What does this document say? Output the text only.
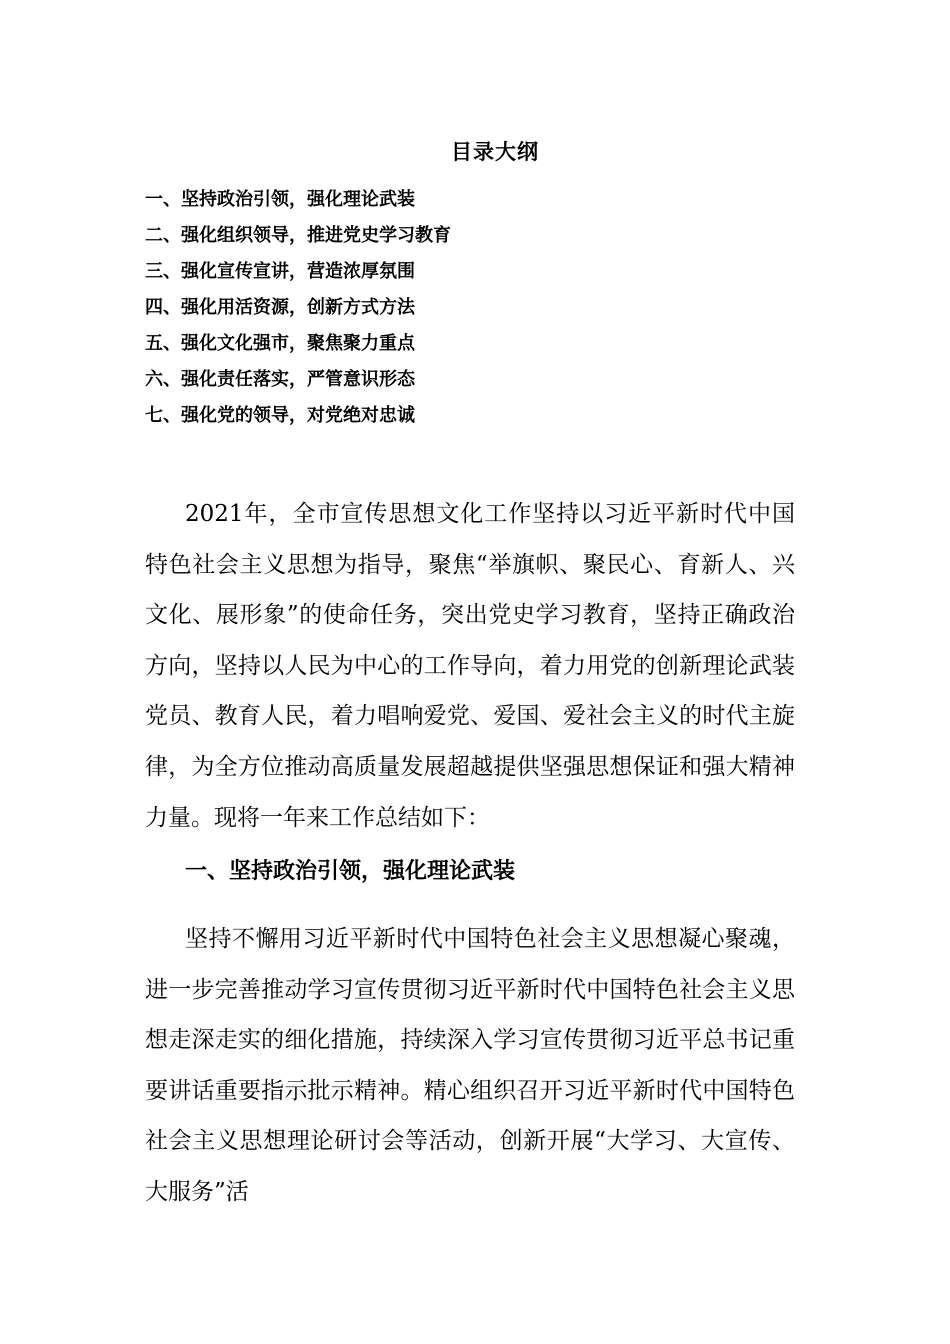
目录大纲
一、坚持政治引领，强化理论武装
二、强化组织领导，推进党史学习教育
三、强化宣传宣讲，营造浓厚氛围
四、强化用活资源，创新方式方法
五、强化文化强市，聚焦聚力重点
六、强化责任落实，严管意识形态
七、强化党的领导，对党绝对忠诚

2021年，全市宣传思想文化工作坚持以习近平新时代中国特色社会主义思想为指导，聚焦“举旗帜、聚民心、育新人、兴文化、展形象”的使命任务，突出党史学习教育，坚持正确政治方向，坚持以人民为中心的工作导向，着力用党的创新理论武装党员、教育人民，着力唱响爱党、爱国、爱社会主义的时代主旋律，为全方位推动高质量发展超越提供坚强思想保证和强大精神力量。现将一年来工作总结如下：

一、坚持政治引领，强化理论武装

坚持不懈用习近平新时代中国特色社会主义思想凝心聚魂，进一步完善推动学习宣传贯彻习近平新时代中国特色社会主义思想走深走实的细化措施，持续深入学习宣传贯彻习近平总书记重要讲话重要指示批示精神。精心组织召开习近平新时代中国特色社会主义思想理论研讨会等活动，创新开展“大学习、大宣传、大服务”活
